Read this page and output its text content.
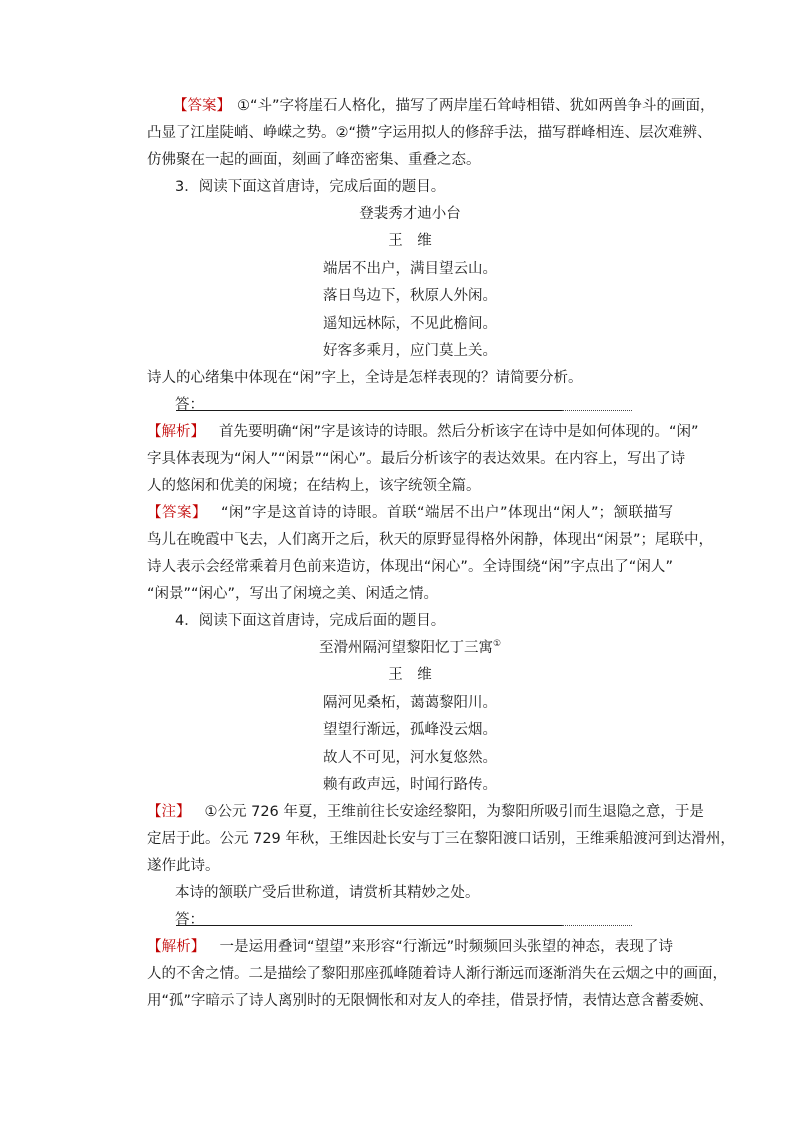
【答案】 ①“斗”字将崖石人格化，描写了两岸崖石耸峙相错、犹如两兽争斗的画面，
凸显了江崖陡峭、峥嵘之势。②“攒”字运用拟人的修辞手法，描写群峰相连、层次难辨、
仿佛聚在一起的画面，刻画了峰峦密集、重叠之态。
3．阅读下面这首唐诗，完成后面的题目。
登裴秀才迪小台
王　维
端居不出户，满目望云山。
落日鸟边下，秋原人外闲。
遥知远林际，不见此檐间。
好客多乘月，应门莫上关。
诗人的心绪集中体现在“闲”字上，全诗是怎样表现的？请简要分析。
答：
【解析】 首先要明确“闲”字是该诗的诗眼。然后分析该字在诗中是如何体现的。“闲”
字具体表现为“闲人”“闲景”“闲心”。最后分析该字的表达效果。在内容上，写出了诗
人的悠闲和优美的闲境；在结构上，该字统领全篇。
【答案】 “闲”字是这首诗的诗眼。首联“端居不出户”体现出“闲人”；颔联描写
鸟儿在晚霞中飞去，人们离开之后，秋天的原野显得格外闲静，体现出“闲景”；尾联中，
诗人表示会经常乘着月色前来造访，体现出“闲心”。全诗围绕“闲”字点出了“闲人”
“闲景”“闲心”，写出了闲境之美、闲适之情。
4．阅读下面这首唐诗，完成后面的题目。
至滑州隔河望黎阳忆丁三寓①
王　维
隔河见桑柘，蔼蔼黎阳川。
望望行渐远，孤峰没云烟。
故人不可见，河水复悠然。
赖有政声远，时闻行路传。
【注】 ①公元 726 年夏，王维前往长安途经黎阳，为黎阳所吸引而生退隐之意，于是
定居于此。公元 729 年秋，王维因赴长安与丁三在黎阳渡口话别，王维乘船渡河到达滑州，
遂作此诗。
本诗的颔联广受后世称道，请赏析其精妙之处。
答：
【解析】 一是运用叠词“望望”来形容“行渐远”时频频回头张望的神态，表现了诗
人的不舍之情。二是描绘了黎阳那座孤峰随着诗人渐行渐远而逐渐消失在云烟之中的画面，
用“孤”字暗示了诗人离别时的无限惆怅和对友人的牵挂，借景抒情，表情达意含蓄委婉、
